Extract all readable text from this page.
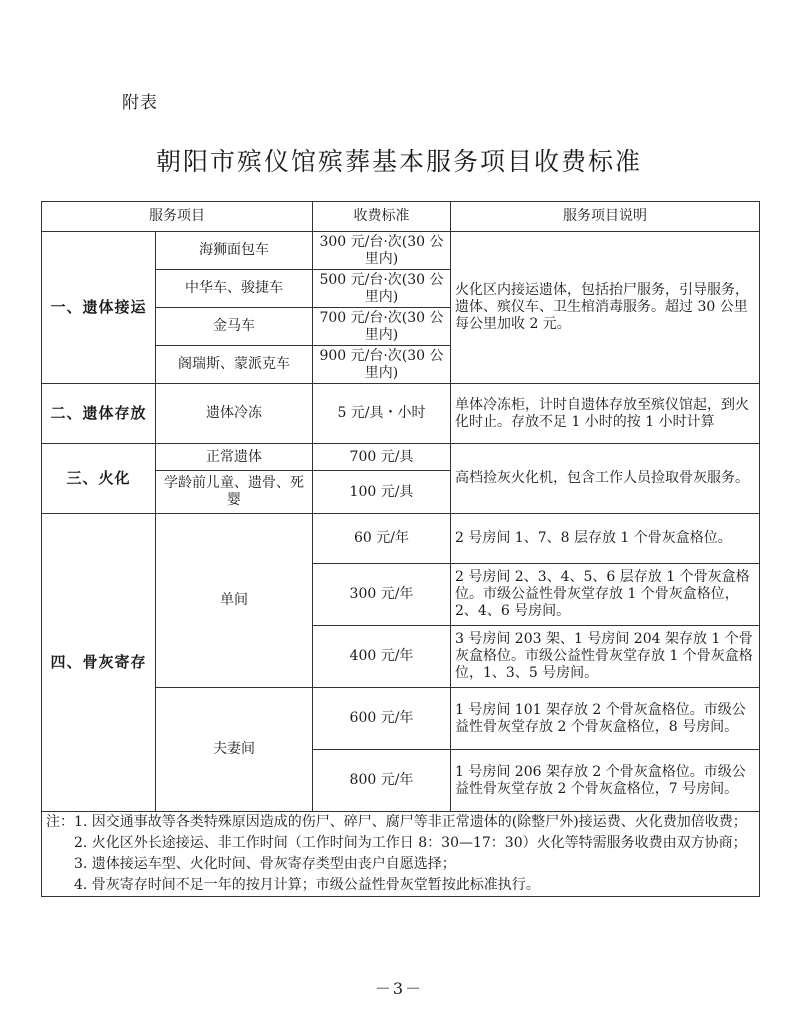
附表
朝阳市殡仪馆殡葬基本服务项目收费标准
服务项目		收费标准	服务项目说明
一、遗体接运	海狮面包车	300 元/台·次(30 公里内)	火化区内接运遗体，包括抬尸服务，引导服务，遗体、殡仪车、卫生棺消毒服务。超过 30 公里每公里加收 2 元。
	中华车、骏捷车	500 元/台·次(30 公里内)	
	金马车	700 元/台·次(30 公里内)	
	阁瑞斯、蒙派克车	900 元/台·次(30 公里内)	
二、遗体存放	遗体冷冻	5 元/具・小时	单体冷冻柜，计时自遗体存放至殡仪馆起，到火化时止。存放不足 1 小时的按 1 小时计算
三、火化	正常遗体	700 元/具	高档捡灰火化机，包含工作人员捡取骨灰服务。
	学龄前儿童、遗骨、死婴	100 元/具	
四、骨灰寄存	单间	60 元/年	2 号房间 1、7、8 层存放 1 个骨灰盒格位。
		300 元/年	2 号房间 2、3、4、5、6 层存放 1 个骨灰盒格位。市级公益性骨灰堂存放 1 个骨灰盒格位，2、4、6 号房间。
		400 元/年	3 号房间 203 架、1 号房间 204 架存放 1 个骨灰盒格位。市级公益性骨灰堂存放 1 个骨灰盒格位，1、3、5 号房间。
	夫妻间	600 元/年	1 号房间 101 架存放 2 个骨灰盒格位。市级公益性骨灰堂存放 2 个骨灰盒格位，8 号房间。
		800 元/年	1 号房间 206 架存放 2 个骨灰盒格位。市级公益性骨灰堂存放 2 个骨灰盒格位，7 号房间。

注：1. 因交通事故等各类特殊原因造成的伤尸、碎尸、腐尸等非正常遗体的(除整尸外)接运费、火化费加倍收费；
2. 火化区外长途接运、非工作时间（工作时间为工作日 8：30—17：30）火化等特需服务收费由双方协商；
3. 遗体接运车型、火化时间、骨灰寄存类型由丧户自愿选择；
4. 骨灰寄存时间不足一年的按月计算；市级公益性骨灰堂暂按此标准执行。			
－3－
